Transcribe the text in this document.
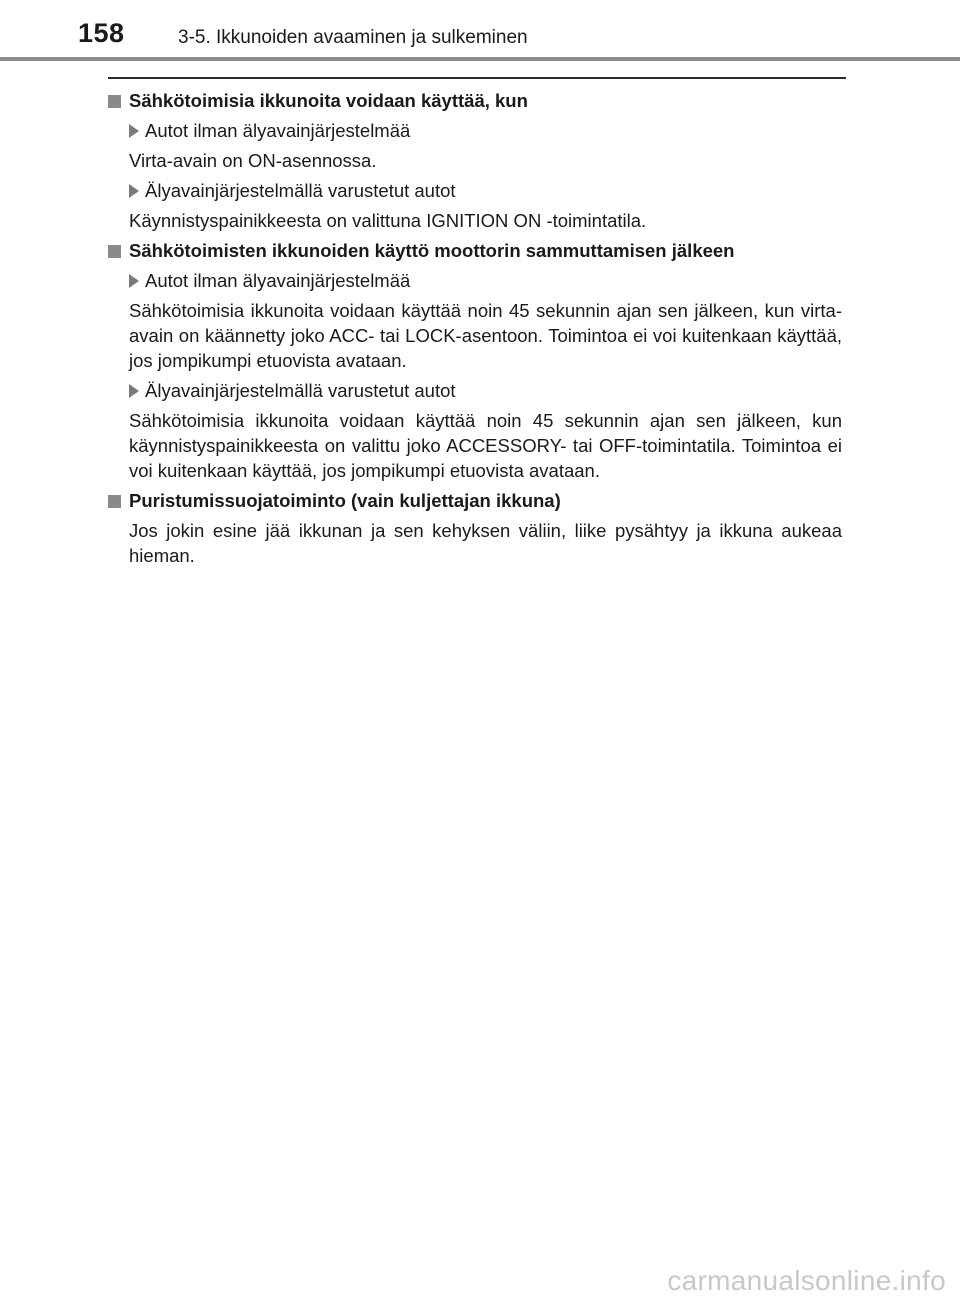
158	3-5. Ikkunoiden avaaminen ja sulkeminen
Sähkötoimisia ikkunoita voidaan käyttää, kun
Autot ilman älyavainjärjestelmää
Virta-avain on ON-asennossa.
Älyavainjärjestelmällä varustetut autot
Käynnistyspainikkeesta on valittuna IGNITION ON -toimintatila.
Sähkötoimisten ikkunoiden käyttö moottorin sammuttamisen jälkeen
Autot ilman älyavainjärjestelmää
Sähkötoimisia ikkunoita voidaan käyttää noin 45 sekunnin ajan sen jälkeen, kun virta-avain on käännetty joko ACC- tai LOCK-asentoon. Toimintoa ei voi kuitenkaan käyttää, jos jompikumpi etuovista avataan.
Älyavainjärjestelmällä varustetut autot
Sähkötoimisia ikkunoita voidaan käyttää noin 45 sekunnin ajan sen jälkeen, kun käynnistyspainikkeesta on valittu joko ACCESSORY- tai OFF-toimintatila. Toimintoa ei voi kuitenkaan käyttää, jos jompikumpi etuovista avataan.
Puristumissuojatoiminto (vain kuljettajan ikkuna)
Jos jokin esine jää ikkunan ja sen kehyksen väliin, liike pysähtyy ja ikkuna aukeaa hieman.
carmanualsonline.info
